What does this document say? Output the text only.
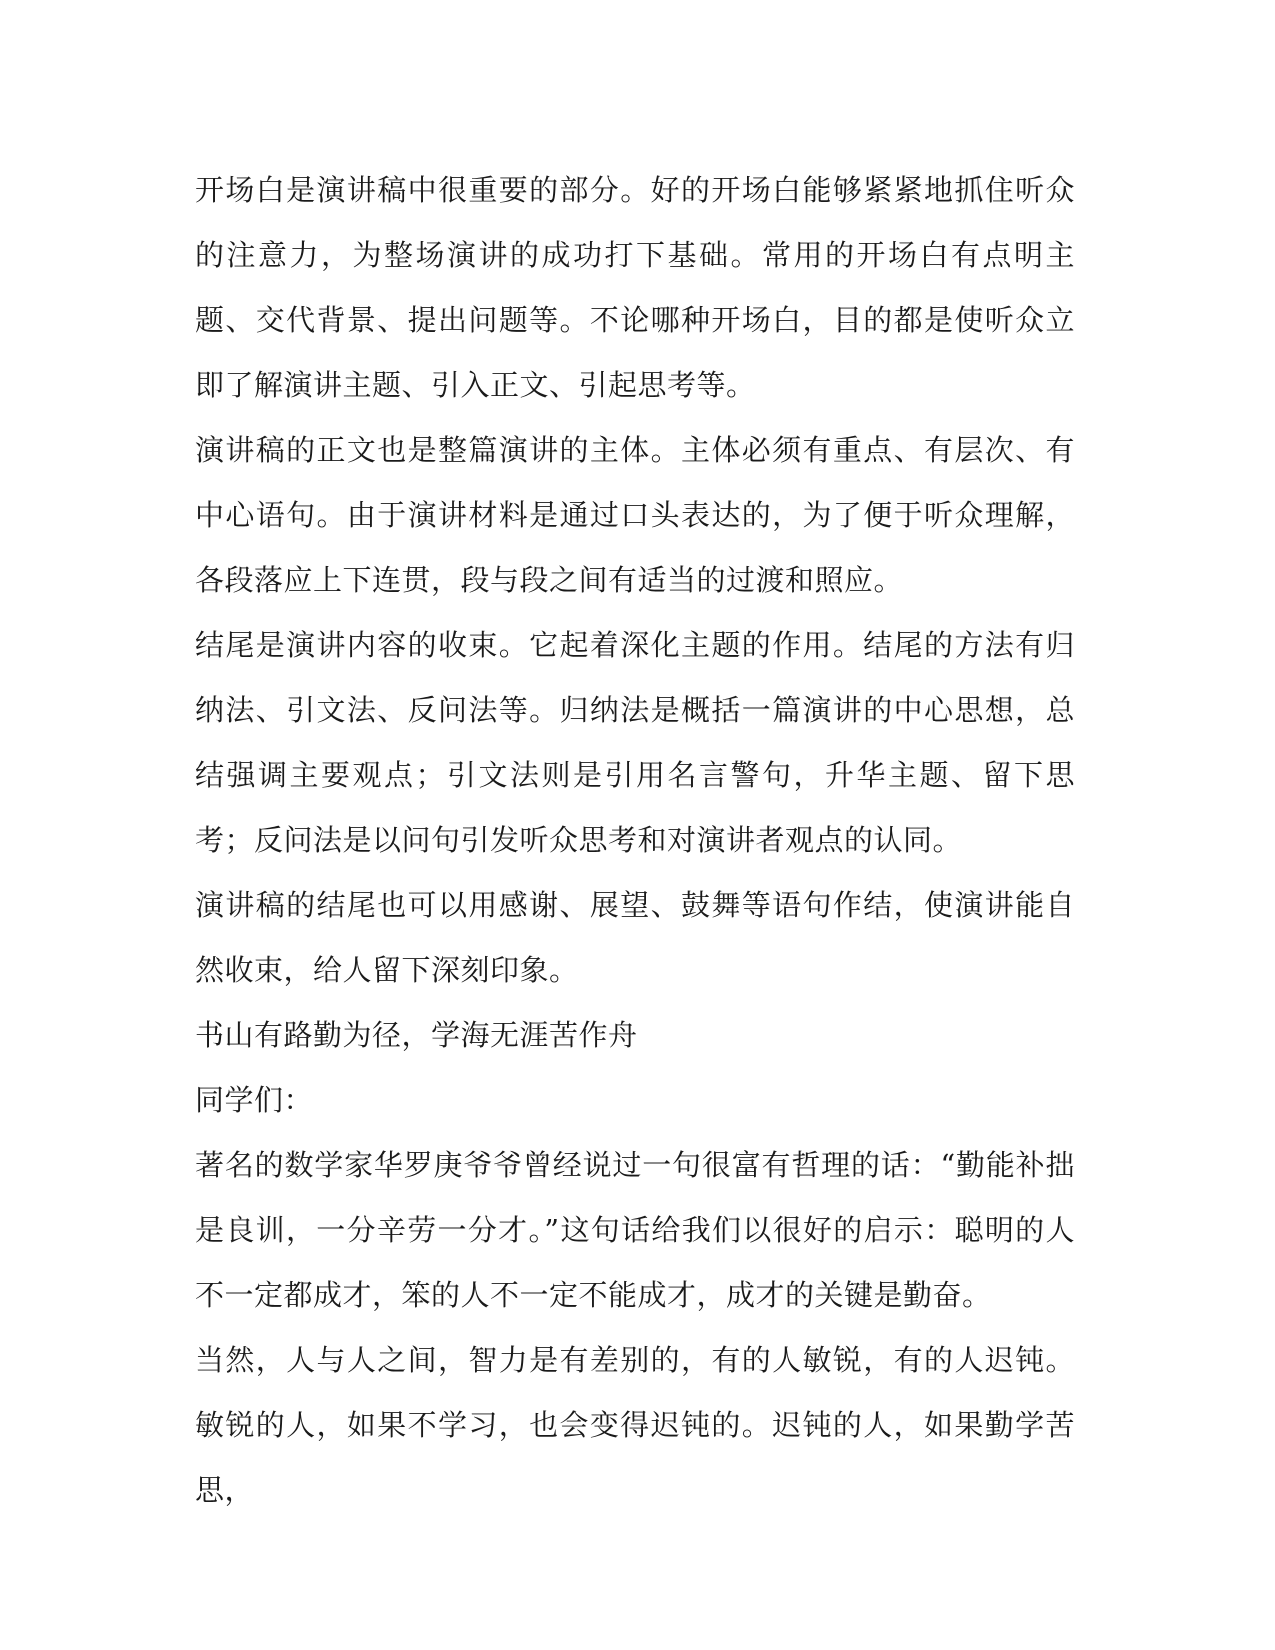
开场白是演讲稿中很重要的部分。好的开场白能够紧紧地抓住听众的注意力，为整场演讲的成功打下基础。常用的开场白有点明主题、交代背景、提出问题等。不论哪种开场白，目的都是使听众立即了解演讲主题、引入正文、引起思考等。

演讲稿的正文也是整篇演讲的主体。主体必须有重点、有层次、有中心语句。由于演讲材料是通过口头表达的，为了便于听众理解，各段落应上下连贯，段与段之间有适当的过渡和照应。

结尾是演讲内容的收束。它起着深化主题的作用。结尾的方法有归纳法、引文法、反问法等。归纳法是概括一篇演讲的中心思想，总结强调主要观点；引文法则是引用名言警句，升华主题、留下思考；反问法是以问句引发听众思考和对演讲者观点的认同。

演讲稿的结尾也可以用感谢、展望、鼓舞等语句作结，使演讲能自然收束，给人留下深刻印象。

书山有路勤为径，学海无涯苦作舟

同学们：

著名的数学家华罗庚爷爷曾经说过一句很富有哲理的话：“勤能补拙是良训，一分辛劳一分才。”这句话给我们以很好的启示：聪明的人不一定都成才，笨的人不一定不能成才，成才的关键是勤奋。

当然，人与人之间，智力是有差别的，有的人敏锐，有的人迟钝。敏锐的人，如果不学习，也会变得迟钝的。迟钝的人，如果勤学苦思，
